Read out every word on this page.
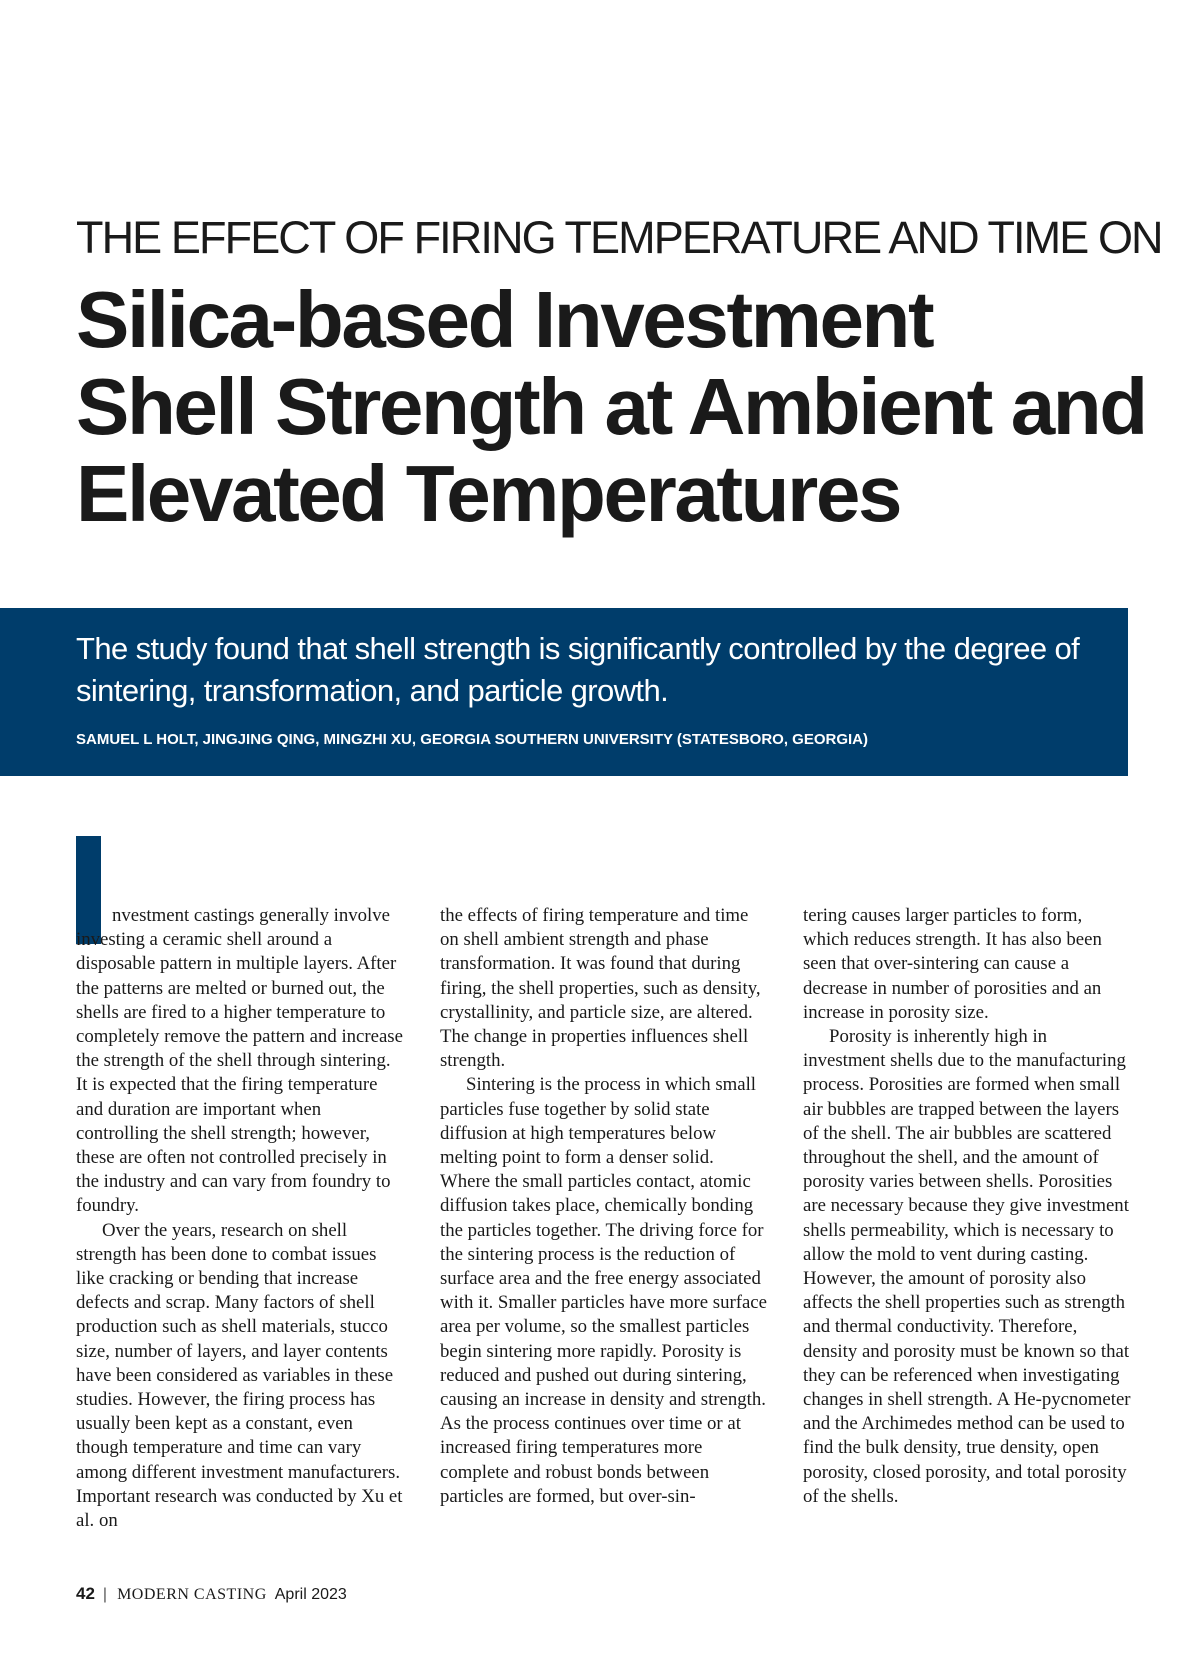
THE EFFECT OF FIRING TEMPERATURE AND TIME ON
Silica-based Investment
Shell Strength at Ambient and
Elevated Temperatures

The study found that shell strength is significantly controlled by the degree of sintering, transformation, and particle growth.

SAMUEL L HOLT, JINGJING QING, MINGZHI XU, GEORGIA SOUTHERN UNIVERSITY (STATESBORO, GEORGIA)

nvestment castings generally involve investing a ceramic shell around a disposable pattern in multiple layers. After the patterns are melted or burned out, the shells are fired to a higher temperature to completely remove the pattern and increase the strength of the shell through sintering. It is expected that the firing temperature and duration are important when controlling the shell strength; however, these are often not controlled precisely in the industry and can vary from foundry to foundry.

Over the years, research on shell strength has been done to combat issues like cracking or bending that increase defects and scrap. Many factors of shell production such as shell materials, stucco size, number of layers, and layer contents have been considered as variables in these studies. However, the firing process has usually been kept as a constant, even though temperature and time can vary among different investment manufacturers. Important research was conducted by Xu et al. on

the effects of firing temperature and time on shell ambient strength and phase transformation. It was found that during firing, the shell properties, such as density, crystallinity, and particle size, are altered. The change in properties influences shell strength.

Sintering is the process in which small particles fuse together by solid state diffusion at high temperatures below melting point to form a denser solid. Where the small particles contact, atomic diffusion takes place, chemically bonding the particles together. The driving force for the sintering process is the reduction of surface area and the free energy associated with it. Smaller particles have more surface area per volume, so the smallest particles begin sintering more rapidly. Porosity is reduced and pushed out during sintering, causing an increase in density and strength. As the process continues over time or at increased firing temperatures more complete and robust bonds between particles are formed, but over-sin-

tering causes larger particles to form, which reduces strength. It has also been seen that over-sintering can cause a decrease in number of porosities and an increase in porosity size.

Porosity is inherently high in investment shells due to the manufacturing process. Porosities are formed when small air bubbles are trapped between the layers of the shell. The air bubbles are scattered throughout the shell, and the amount of porosity varies between shells. Porosities are necessary because they give investment shells permeability, which is necessary to allow the mold to vent during casting. However, the amount of porosity also affects the shell properties such as strength and thermal conductivity. Therefore, density and porosity must be known so that they can be referenced when investigating changes in shell strength. A He-pycnometer and the Archimedes method can be used to find the bulk density, true density, open porosity, closed porosity, and total porosity of the shells.

42 | MODERN CASTING April 2023
